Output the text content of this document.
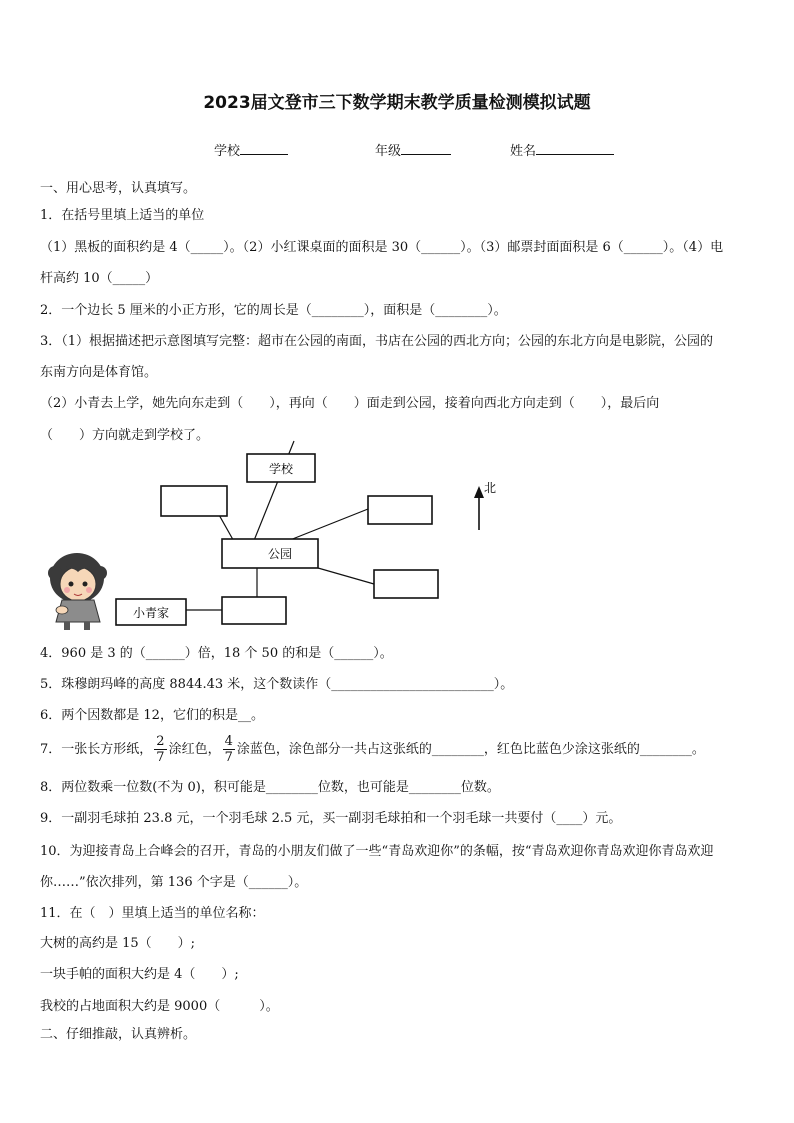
2023届文登市三下数学期末教学质量检测模拟试题
学校	年级	姓名
一、用心思考，认真填写。
1．在括号里填上适当的单位
（1）黑板的面积约是 4（_____）。（2）小红课桌面的面积是 30（______）。（3）邮票封面面积是 6（______）。（4）电
杆高约 10（_____）
2．一个边长 5 厘米的小正方形，它的周长是（________），面积是（________）。
3．（1）根据描述把示意图填写完整：超市在公园的南面，书店在公园的西北方向；公园的东北方向是电影院，公园的
东南方向是体育馆。
（2）小青去上学，她先向东走到（　　），再向（　　）面走到公园，接着向西北方向走到（　　），最后向
（　　）方向就走到学校了。
学校
公园
小青家
北
4．960 是 3 的（______）倍，18 个 50 的和是（______）。
5．珠穆朗玛峰的高度 8844.43 米，这个数读作（_________________________）。
6．两个因数都是 12，它们的积是__。
7．一张长方形纸， $\frac{2}{7}$ 涂红色， $\frac{4}{7}$ 涂蓝色，涂色部分一共占这张纸的________，红色比蓝色少涂这张纸的________。
8．两位数乘一位数(不为 0)，积可能是________位数，也可能是________位数。
9．一副羽毛球拍 23.8 元，一个羽毛球 2.5 元，买一副羽毛球拍和一个羽毛球一共要付（____）元。
10．为迎接青岛上合峰会的召开，青岛的小朋友们做了一些“青岛欢迎你”的条幅，按“青岛欢迎你青岛欢迎你青岛欢迎
你……”依次排列，第 136 个字是（______）。
11．在（　）里填上适当的单位名称：
大树的高约是 15（　　）;
一块手帕的面积大约是 4（　　）;
我校的占地面积大约是 9000（　　　）。
二、仔细推敲，认真辨析。
